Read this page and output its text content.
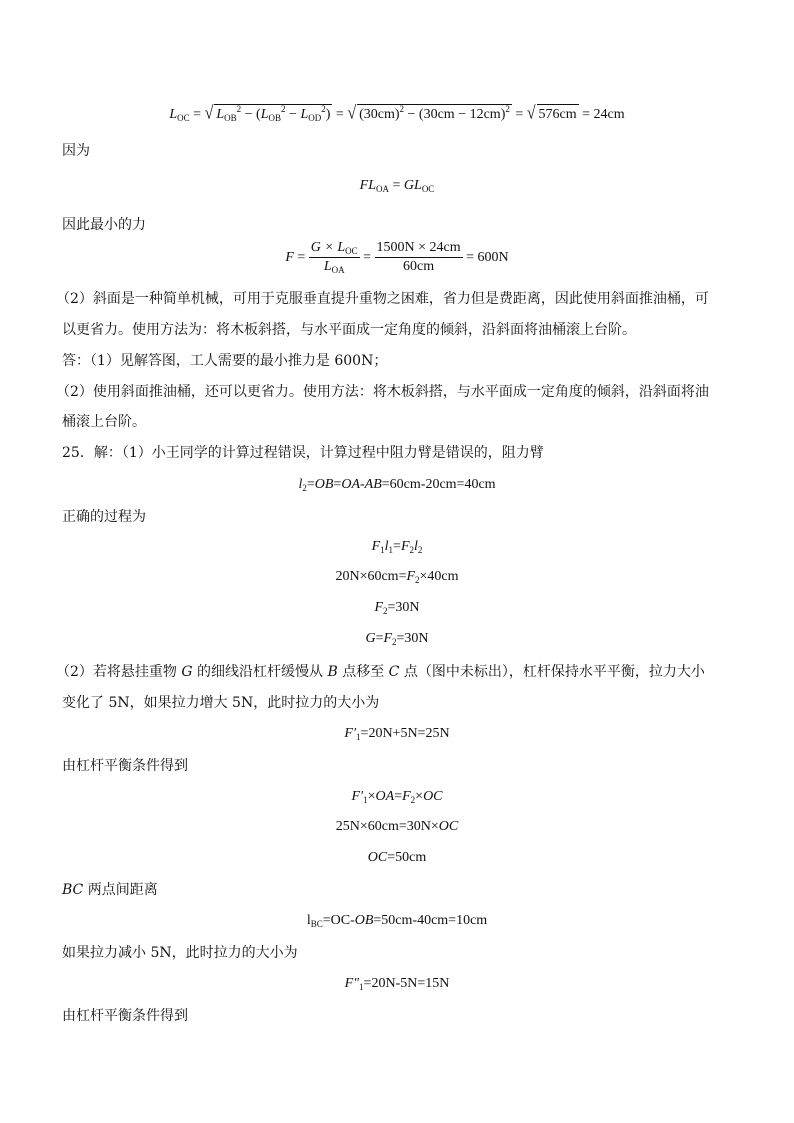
$L_{OC}$ = √ $L_{OB}^2 - (L_{OB}^2 - L_{OD}^2)$ = √ $(30cm)^2 - (30cm - 12cm)^2$ = √ 576cm = 24cm
因为
$FL_{OA} = GL_{OC}$
因此最小的力
$F = \frac{G \times L_{OC}}{L_{OA}} = \frac{1500N \times 24cm}{60cm} = 600N$
（2）斜面是一种简单机械，可用于克服垂直提升重物之困难，省力但是费距离，因此使用斜面推油桶，可
以更省力。使用方法为：将木板斜搭，与水平面成一定角度的倾斜，沿斜面将油桶滚上台阶。
答：（1）见解答图，工人需要的最小推力是 600N；
（2）使用斜面推油桶，还可以更省力。使用方法：将木板斜搭，与水平面成一定角度的倾斜，沿斜面将油
桶滚上台阶。
25．解：（1）小王同学的计算过程错误，计算过程中阻力臂是错误的，阻力臂
$l_2=OB=OA-AB=60cm-20cm=40cm$
正确的过程为
$F_1l_1=F_2l_2$
$20N\times 60cm=F_2\times 40cm$
$F_2=30N$
$G=F_2=30N$
（2）若将悬挂重物 G 的细线沿杠杆缓慢从 B 点移至 C 点（图中未标出），杠杆保持水平平衡，拉力大小
变化了 5N，如果拉力增大 5N，此时拉力的大小为
$F'_1=20N+5N=25N$
由杠杆平衡条件得到
$F'_1\times OA=F_2\times OC$
25N×60cm=30N×OC
OC=50cm
BC 两点间距离
$l_{BC}=OC-OB=50cm-40cm=10cm$
如果拉力减小 5N，此时拉力的大小为
$F''_1=20N-5N=15N$
由杠杆平衡条件得到
